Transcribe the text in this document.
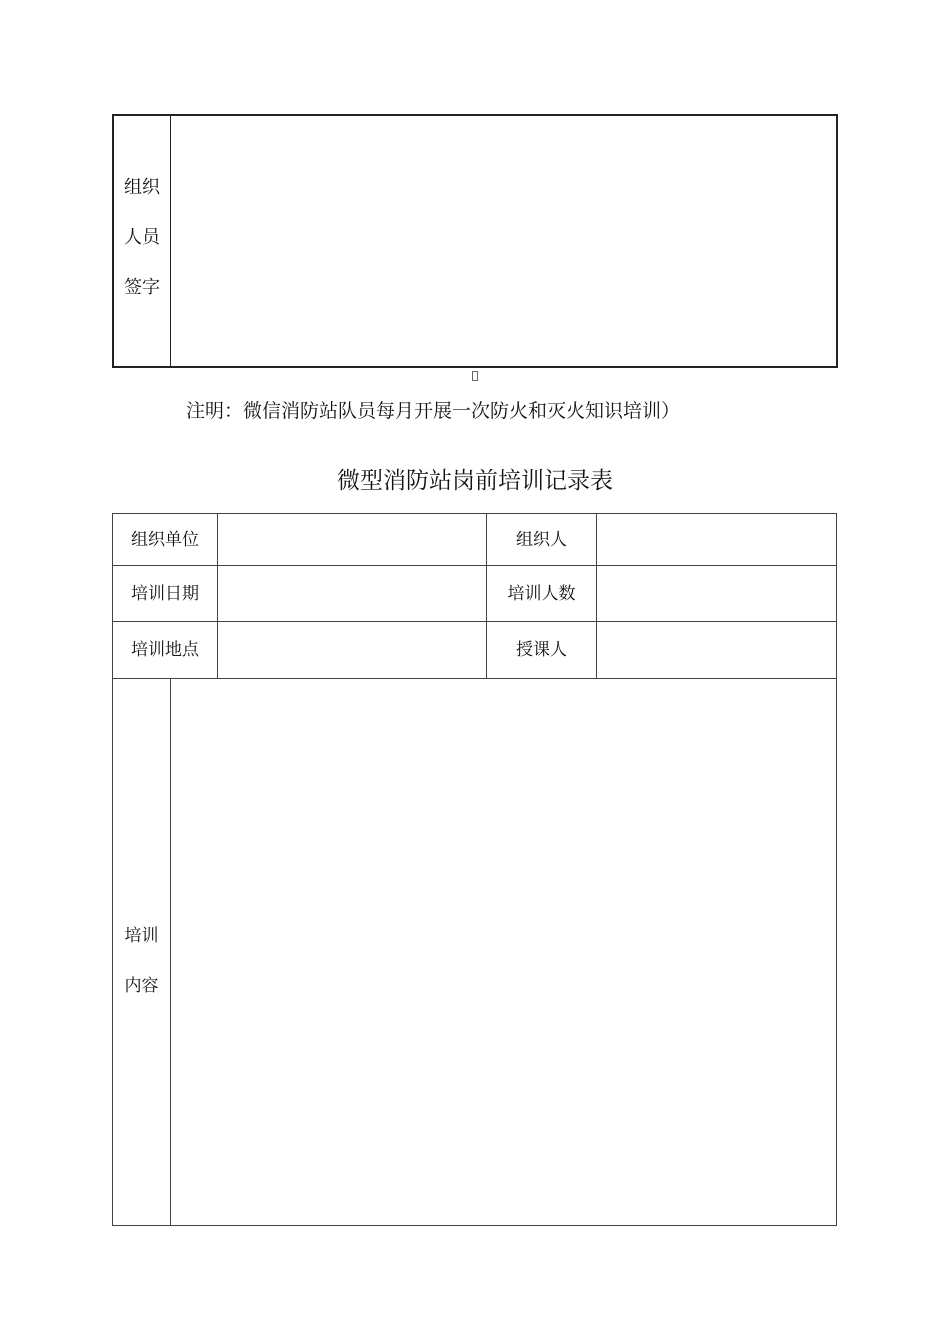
组织
人员
签字
注明：微信消防站队员每月开展一次防火和灭火知识培训）
微型消防站岗前培训记录表
组织单位	组织人
培训日期	培训人数
培训地点	授课人
培训
内容
